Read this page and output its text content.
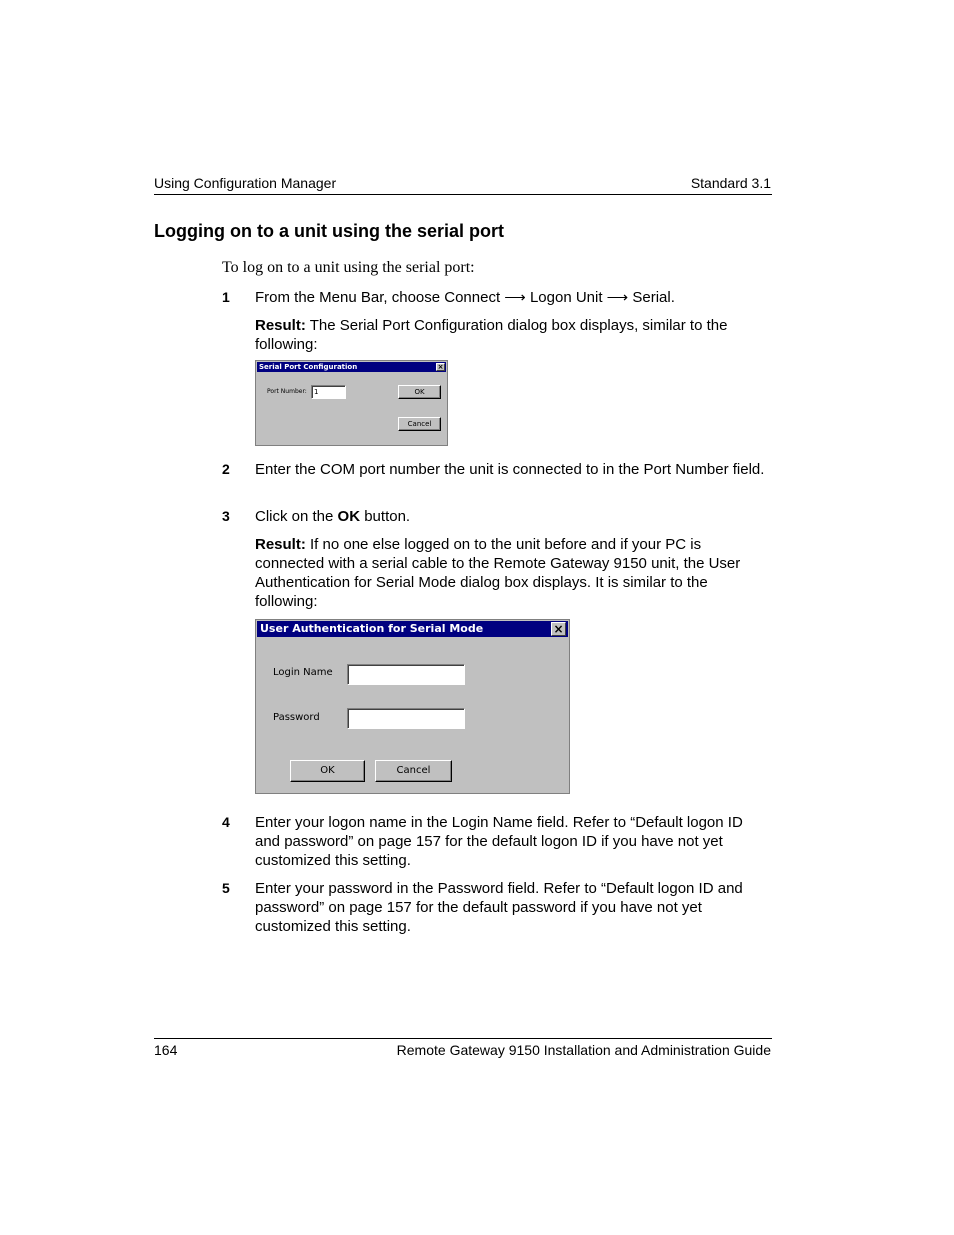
Using Configuration Manager	Standard 3.1
Logging on to a unit using the serial port
To log on to a unit using the serial port:
1 From the Menu Bar, choose Connect ⟶ Logon Unit ⟶ Serial.
Result: The Serial Port Configuration dialog box displays, similar to the following:
Serial Port Configuration	×
Port Number:	1	OK
Cancel
2 Enter the COM port number the unit is connected to in the Port Number field.
3 Click on the OK button.
Result: If no one else logged on to the unit before and if your PC is connected with a serial cable to the Remote Gateway 9150 unit, the User Authentication for Serial Mode dialog box displays. It is similar to the following:
User Authentication for Serial Mode	×
Login Name
Password
OK	Cancel
4 Enter your logon name in the Login Name field. Refer to “Default logon ID and password” on page 157 for the default logon ID if you have not yet customized this setting.
5 Enter your password in the Password field. Refer to “Default logon ID and password” on page 157 for the default password if you have not yet customized this setting.
164	Remote Gateway 9150 Installation and Administration Guide
